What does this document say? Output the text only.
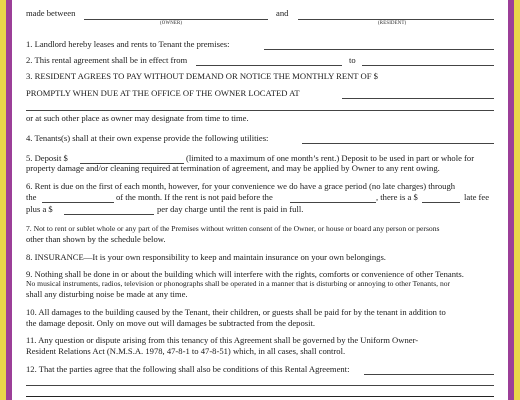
made between
(OWNER)
and
(RESIDENT)
1. Landlord hereby leases and rents to Tenant the premises:
2. This rental agreement shall be in effect from	to
3. RESIDENT AGREES TO PAY WITHOUT DEMAND OR NOTICE THE MONTHLY RENT OF $
PROMPTLY WHEN DUE AT THE OFFICE OF THE OWNER LOCATED AT
or at such other place as owner may designate from time to time.
4. Tenants(s) shall at their own expense provide the following utilities:
5. Deposit $	(limited to a maximum of one month’s rent.) Deposit to be used in part or whole for
property damage and/or cleaning required at termination of agreement, and may be applied by Owner to any rent owing.
6. Rent is due on the first of each month, however, for your convenience we do have a grace period (no late charges) through
the	of the month. If the rent is not paid before the	, there is a $	late fee
plus a $	per day charge until the rent is paid in full.
7. Not to rent or sublet whole or any part of the Premises without written consent of the Owner, or house or board any person or persons
other than shown by the schedule below.
8. INSURANCE—It is your own responsibility to keep and maintain insurance on your own belongings.
9. Nothing shall be done in or about the building which will interfere with the rights, comforts or convenience of other Tenants.
No musical instruments, radios, television or phonographs shall be operated in a manner that is disturbing or annoying to other Tenants, nor
shall any disturbing noise be made at any time.
10. All damages to the building caused by the Tenant, their children, or guests shall be paid for by the tenant in addition to
the damage deposit. Only on move out will damages be subtracted from the deposit.
11. Any question or dispute arising from this tenancy of this Agreement shall be governed by the Uniform Owner-
Resident Relations Act (N.M.S.A. 1978, 47-8-1 to 47-8-51) which, in all cases, shall control.
12. That the parties agree that the following shall also be conditions of this Rental Agreement:
